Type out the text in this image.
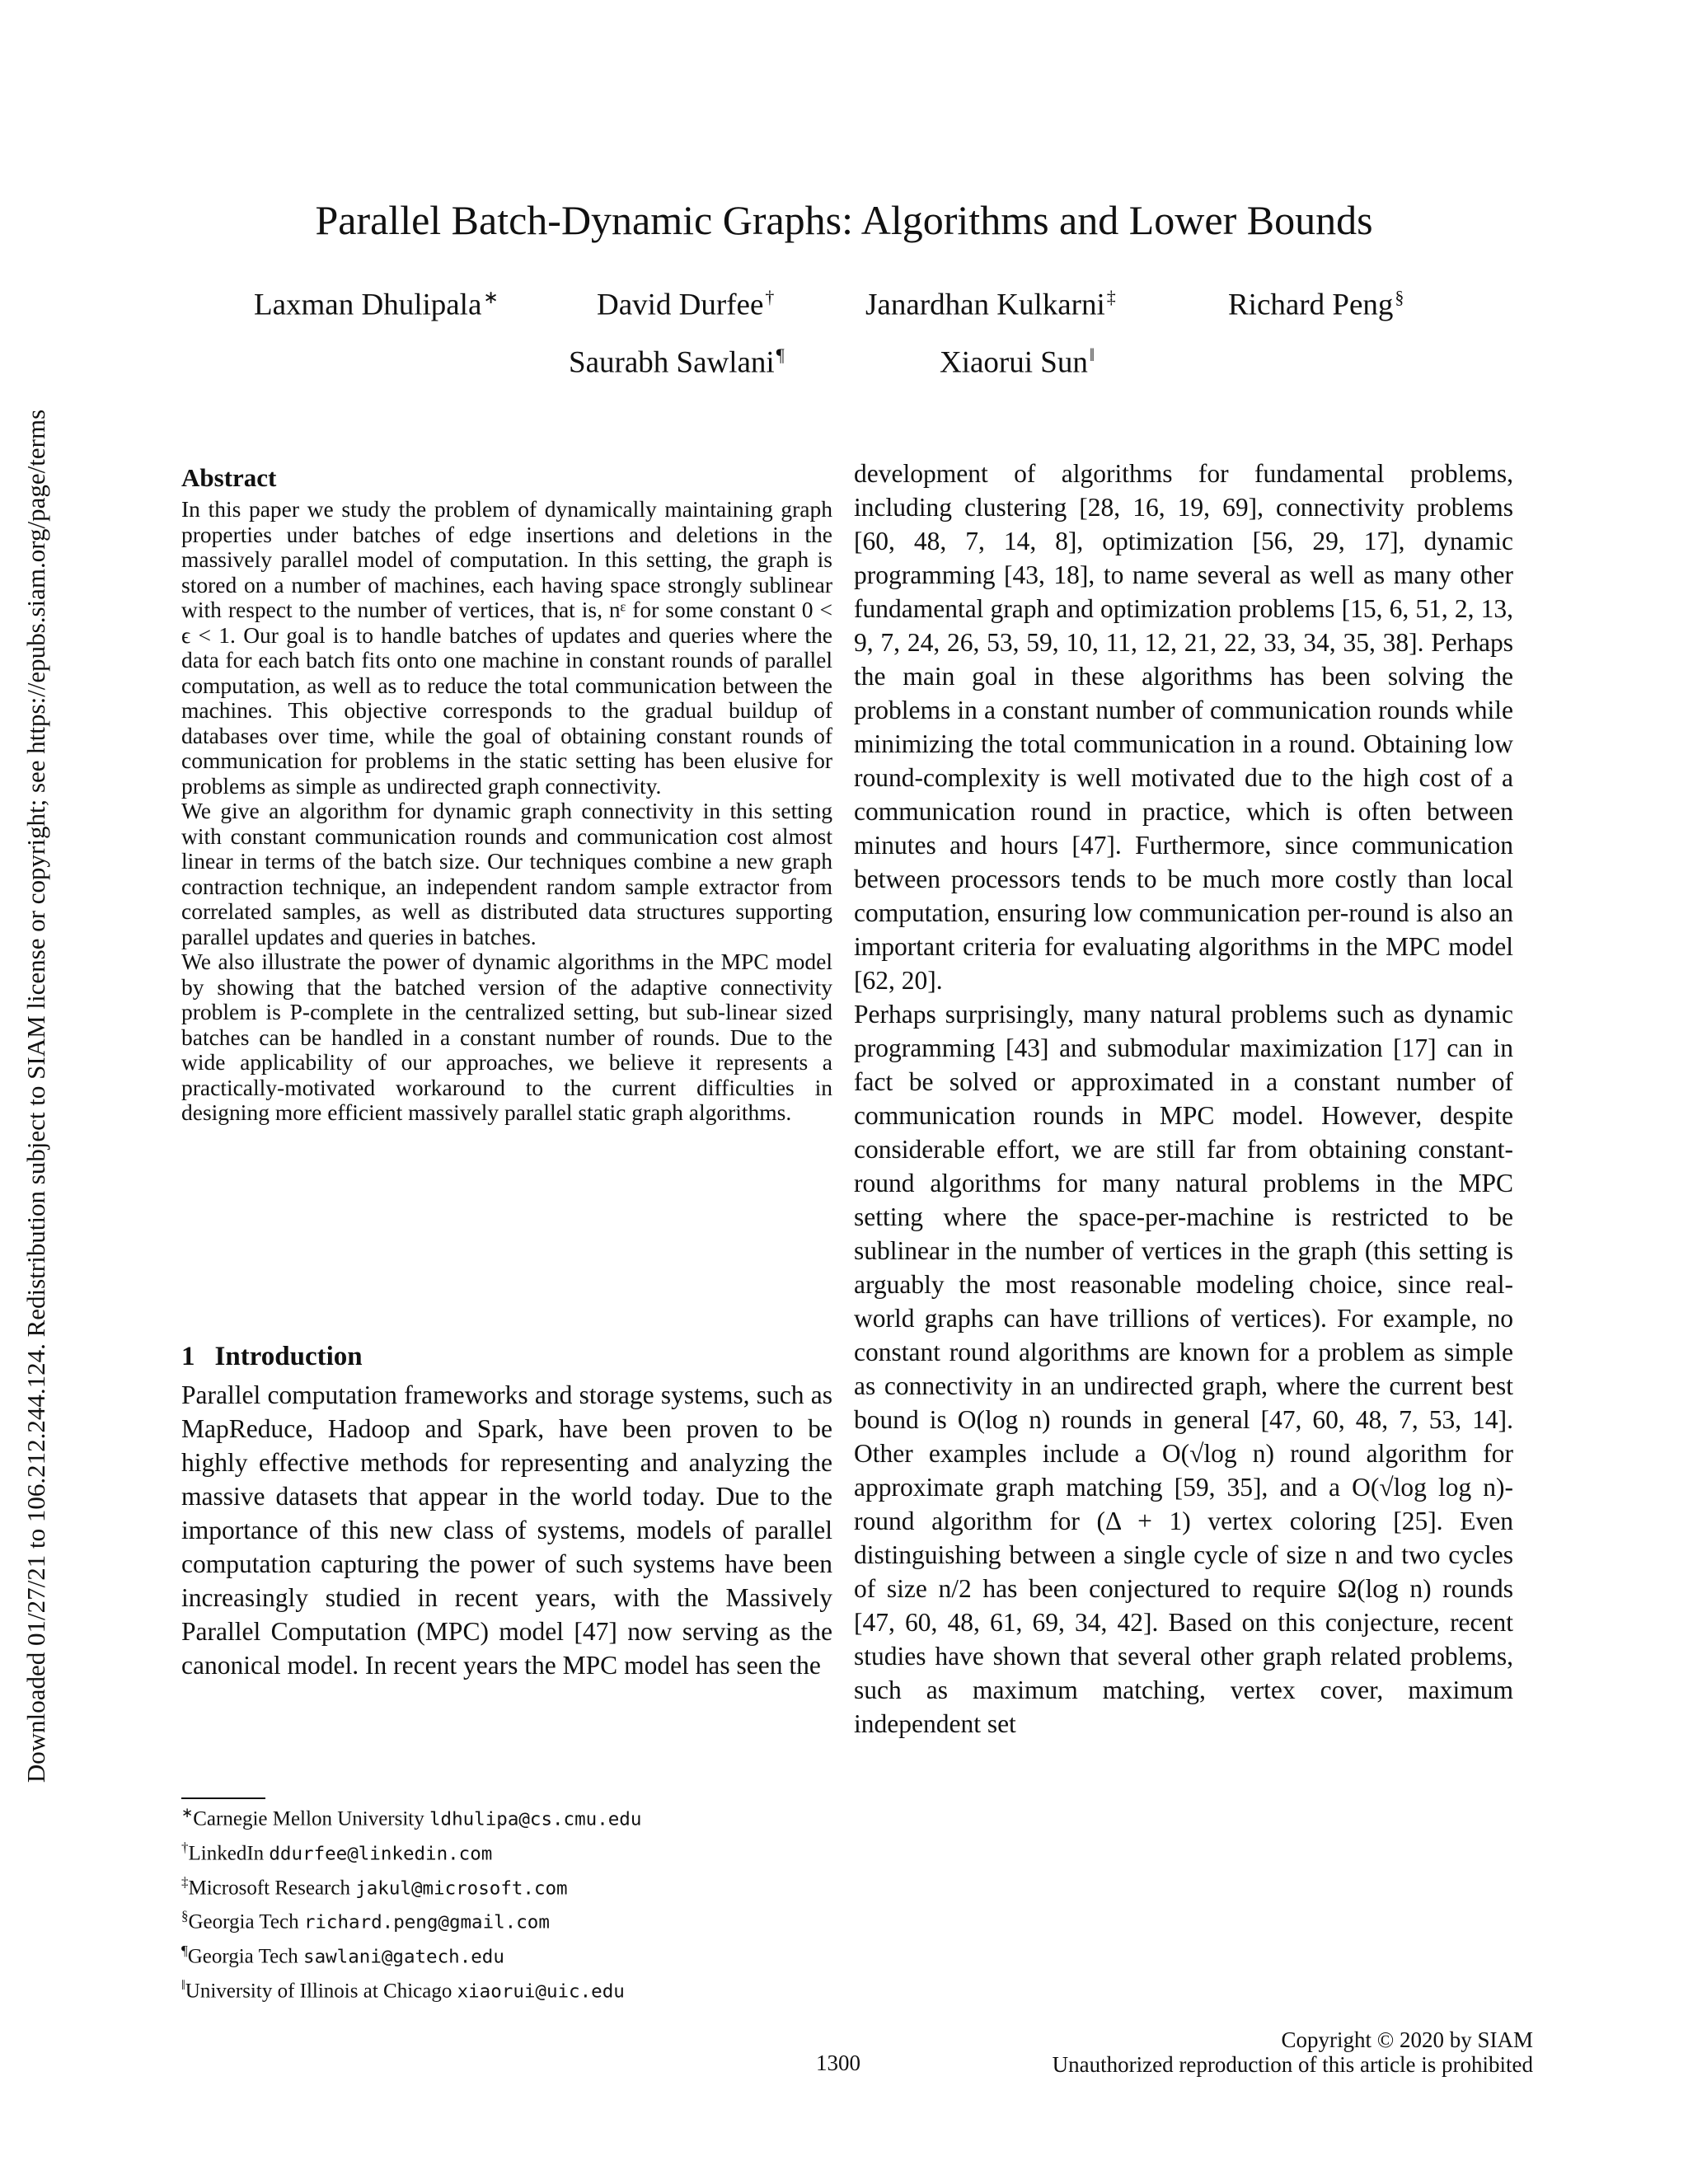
Downloaded 01/27/21 to 106.212.244.124. Redistribution subject to SIAM license or copyright; see https://epubs.siam.org/page/terms
Parallel Batch-Dynamic Graphs: Algorithms and Lower Bounds
Laxman Dhulipala∗	David Durfee†	Janardhan Kulkarni‡	Richard Peng§
Saurabh Sawlani¶	Xiaorui Sun‖
Abstract

In this paper we study the problem of dynamically maintaining graph properties under batches of edge insertions and deletions in the massively parallel model of computation. In this setting, the graph is stored on a number of machines, each having space strongly sublinear with respect to the number of vertices, that is, nᵋ for some constant 0 < ϵ < 1. Our goal is to handle batches of updates and queries where the data for each batch fits onto one machine in constant rounds of parallel computation, as well as to reduce the total communication between the machines. This objective corresponds to the gradual buildup of databases over time, while the goal of obtaining constant rounds of communication for problems in the static setting has been elusive for problems as simple as undirected graph connectivity.

We give an algorithm for dynamic graph connectivity in this setting with constant communication rounds and communication cost almost linear in terms of the batch size. Our techniques combine a new graph contraction technique, an independent random sample extractor from correlated samples, as well as distributed data structures supporting parallel updates and queries in batches.

We also illustrate the power of dynamic algorithms in the MPC model by showing that the batched version of the adaptive connectivity problem is P-complete in the centralized setting, but sub-linear sized batches can be handled in a constant number of rounds. Due to the wide applicability of our approaches, we believe it represents a practically-motivated workaround to the current difficulties in designing more efficient massively parallel static graph algorithms.

1 Introduction

Parallel computation frameworks and storage systems, such as MapReduce, Hadoop and Spark, have been proven to be highly effective methods for representing and analyzing the massive datasets that appear in the world today. Due to the importance of this new class of systems, models of parallel computation capturing the power of such systems have been increasingly studied in recent years, with the Massively Parallel Computation (MPC) model [47] now serving as the canonical model. In recent years the MPC model has seen the

development of algorithms for fundamental problems, including clustering [28, 16, 19, 69], connectivity problems [60, 48, 7, 14, 8], optimization [56, 29, 17], dynamic programming [43, 18], to name several as well as many other fundamental graph and optimization problems [15, 6, 51, 2, 13, 9, 7, 24, 26, 53, 59, 10, 11, 12, 21, 22, 33, 34, 35, 38]. Perhaps the main goal in these algorithms has been solving the problems in a constant number of communication rounds while minimizing the total communication in a round. Obtaining low round-complexity is well motivated due to the high cost of a communication round in practice, which is often between minutes and hours [47]. Furthermore, since communication between processors tends to be much more costly than local computation, ensuring low communication per-round is also an important criteria for evaluating algorithms in the MPC model [62, 20].

Perhaps surprisingly, many natural problems such as dynamic programming [43] and submodular maximization [17] can in fact be solved or approximated in a constant number of communication rounds in MPC model. However, despite considerable effort, we are still far from obtaining constant-round algorithms for many natural problems in the MPC setting where the space-per-machine is restricted to be sublinear in the number of vertices in the graph (this setting is arguably the most reasonable modeling choice, since real-world graphs can have trillions of vertices). For example, no constant round algorithms are known for a problem as simple as connectivity in an undirected graph, where the current best bound is O(log n) rounds in general [47, 60, 48, 7, 53, 14]. Other examples include a O(√log n) round algorithm for approximate graph matching [59, 35], and a O(√log log n)-round algorithm for (Δ + 1) vertex coloring [25]. Even distinguishing between a single cycle of size n and two cycles of size n/2 has been conjectured to require Ω(log n) rounds [47, 60, 48, 61, 69, 34, 42]. Based on this conjecture, recent studies have shown that several other graph related problems, such as maximum matching, vertex cover, maximum independent set

∗Carnegie Mellon University ldhulipa@cs.cmu.edu
†LinkedIn ddurfee@linkedin.com
‡Microsoft Research jakul@microsoft.com
§Georgia Tech richard.peng@gmail.com
¶Georgia Tech sawlani@gatech.edu
‖University of Illinois at Chicago xiaorui@uic.edu
1300
Copyright © 2020 by SIAM
Unauthorized reproduction of this article is prohibited
